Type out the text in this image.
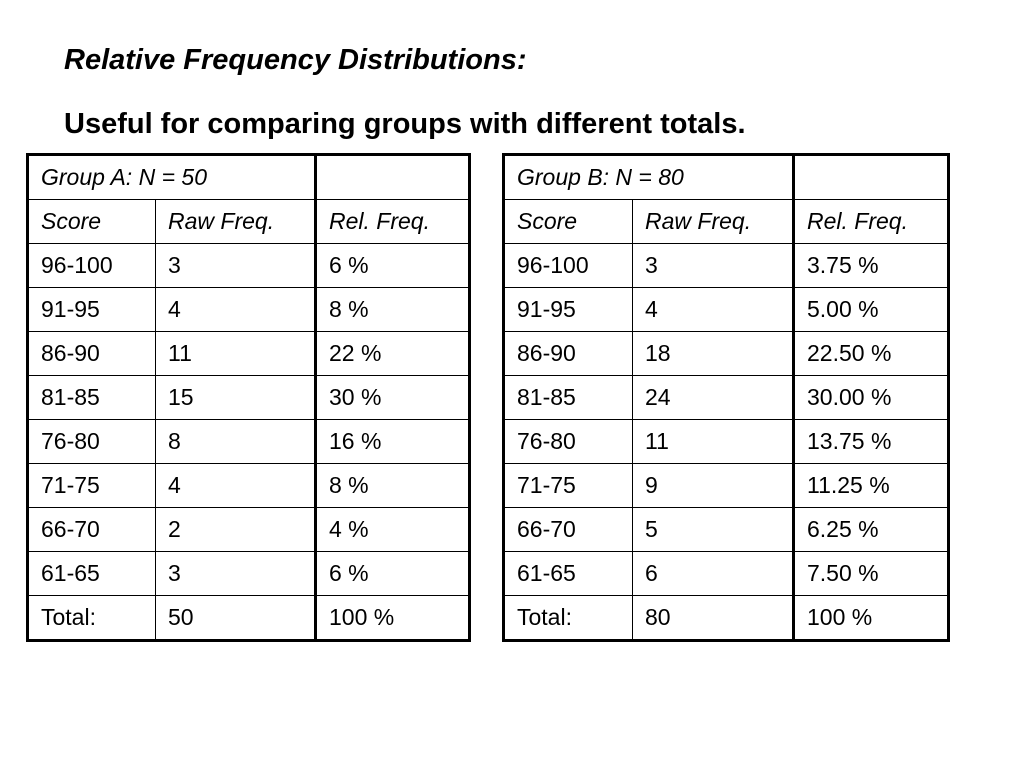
Relative Frequency Distributions:
Useful for comparing groups with different totals.
Group A: N = 50		
Score	Raw Freq.	Rel. Freq.
96-100	3	6 %
91-95	4	8 %
86-90	11	22 %
81-85	15	30 %
76-80	8	16 %
71-75	4	8 %
66-70	2	4 %
61-65	3	6 %
Total:	50	100 %
Group B: N = 80		
Score	Raw Freq.	Rel. Freq.
96-100	3	3.75 %
91-95	4	5.00 %
86-90	18	22.50 %
81-85	24	30.00 %
76-80	11	13.75 %
71-75	9	11.25 %
66-70	5	6.25 %
61-65	6	7.50 %
Total:	80	100 %
